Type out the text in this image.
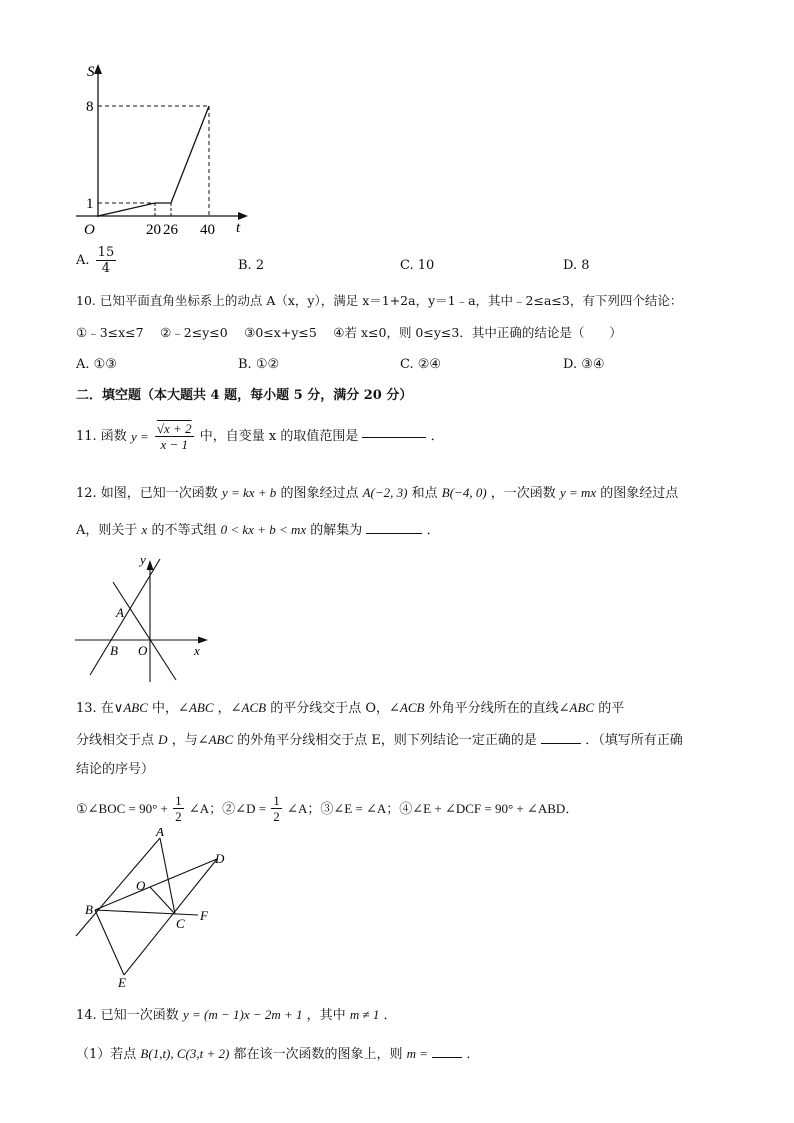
S
t
O
8
1
20 26 40
A. $\frac{15}{4}$	B. 2	C. 10	D. 8
10. 已知平面直角坐标系上的动点 A（x，y），满足 x＝1+2a，y＝1﹣a，其中﹣2≤a≤3，有下列四个结论：
①﹣3≤x≤7　 ②﹣2≤y≤0　 ③0≤x+y≤5　 ④若 x≤0，则 0≤y≤3．其中正确的结论是（　　）
A. ①③	B. ①②	C. ②④	D. ③④
二．填空题（本大题共 4 题，每小题 5 分，满分 20 分）
11. 函数 $y = \frac{√x + 2}{x - 1}$ 中，自变量 x 的取值范围是	．
12. 如图，已知一次函数 y = kx + b 的图象经过点 A(−2, 3) 和点 B(−4, 0) ，一次函数 y = mx 的图象经过点
A，则关于 x 的不等式组 0 < kx + b < mx 的解集为	．
y
x
A
B O
13. 在∨ABC 中，∠ABC ，∠ACB 的平分线交于点 O，∠ACB 外角平分线所在的直线∠ABC 的平
分线相交于点 D ，与∠ABC 的外角平分线相交于点 E，则下列结论一定正确的是	．（填写所有正确
结论的序号）
①∠BOC = $90^\circ + \frac{1}{2}$ ∠A；②∠D = $\frac{1}{2}$ ∠A；③∠E = ∠A；④∠E + ∠DCF = 90° + ∠ABD．
A
D
O
B	F
C
E
14. 已知一次函数 y = (m − 1)x − 2m + 1 ，其中 m ≠ 1 ．
（1）若点 B(1,t), C(3,t + 2) 都在该一次函数的图象上，则 m =	．
